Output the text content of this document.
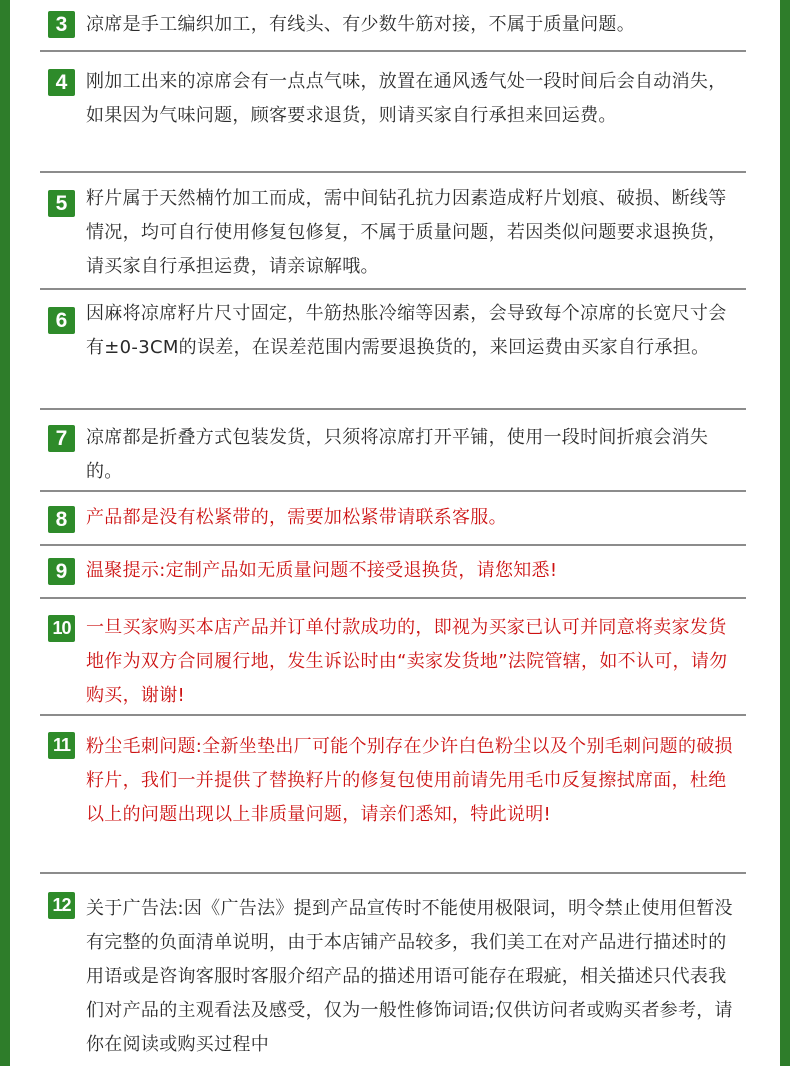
3	凉席是手工编织加工，有线头、有少数牛筋对接，不属于质量问题。
4	刚加工出来的凉席会有一点点气味，放置在通风透气处一段时间后会自动消失，如果因为气味问题，顾客要求退货，则请买家自行承担来回运费。
5	籽片属于天然楠竹加工而成，需中间钻孔抗力因素造成籽片划痕、破损、断线等情况，均可自行使用修复包修复，不属于质量问题，若因类似问题要求退换货，请买家自行承担运费，请亲谅解哦。
6	因麻将凉席籽片尺寸固定，牛筋热胀冷缩等因素，会导致每个凉席的长宽尺寸会有±0-3CM的误差，在误差范围内需要退换货的，来回运费由买家自行承担。
7	凉席都是折叠方式包装发货，只须将凉席打开平铺，使用一段时间折痕会消失的。
8	产品都是没有松紧带的，需要加松紧带请联系客服。
9	温聚提示:定制产品如无质量问题不接受退换货，请您知悉!
10 一旦买家购买本店产品并订单付款成功的，即视为买家已认可并同意将卖家发货地作为双方合同履行地，发生诉讼时由“卖家发货地”法院管辖，如不认可，请勿购买，谢谢!
11 粉尘毛刺问题:全新坐垫出厂可能个别存在少许白色粉尘以及个别毛刺问题的破损籽片，我们一并提供了替换籽片的修复包使用前请先用毛巾反复擦拭席面，杜绝以上的问题出现以上非质量问题，请亲们悉知，特此说明!
12 关于广告法:因《广告法》提到产品宣传时不能使用极限词，明令禁止使用但暂没有完整的负面清单说明，由于本店铺产品较多，我们美工在对产品进行描述时的用语或是咨询客服时客服介绍产品的描述用语可能存在瑕疵，相关描述只代表我们对产品的主观看法及感受，仅为一般性修饰词语;仅供访问者或购买者参考，请你在阅读或购买过程中
